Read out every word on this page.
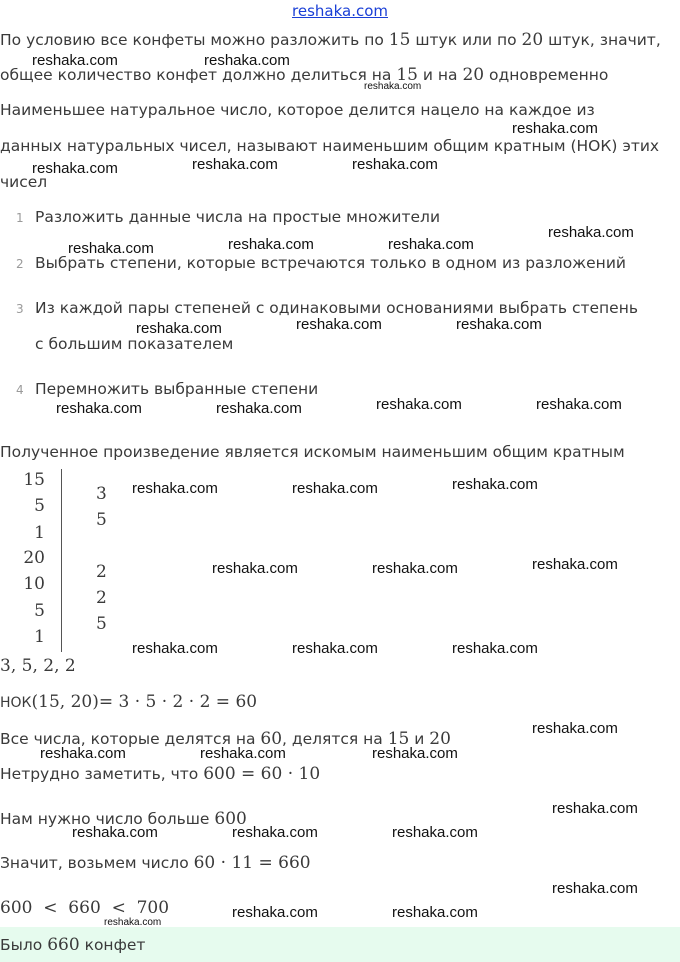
reshaka.com
По условию все конфеты можно разложить по 15 штук или по 20 штук, значит,
общее количество конфет должно делиться на 15 и на 20 одновременно
Наименьшее натуральное число, которое делится нацело на каждое из
данных натуральных чисел, называют наименьшим общим кратным (НОК) этих
чисел
1 Разложить данные числа на простые множители
2 Выбрать степени, которые встречаются только в одном из разложений
3 Из каждой пары степеней с одинаковыми основаниями выбрать степень
с большим показателем
4 Перемножить выбранные степени
Полученное произведение является искомым наименьшим общим кратным
15
5
1
3
5
20
10
5
1
2
2
5
3, 5, 2, 2
НОК(15, 20)= 3 · 5 · 2 · 2 = 60
Все числа, которые делятся на 60, делятся на 15 и 20
Нетрудно заметить, что 600 = 60 · 10
Нам нужно число больше 600
Значит, возьмем число 60 · 11 = 660
600  <  660  <  700
Было 660 конфет
reshaka.com	reshaka.com
reshaka.com
reshaka.com
reshaka.com	reshaka.com	reshaka.com
reshaka.com
reshaka.com	reshaka.com	reshaka.com
reshaka.com	reshaka.com	reshaka.com
reshaka.com	reshaka.com	reshaka.com	reshaka.com
reshaka.com	reshaka.com	reshaka.com
reshaka.com	reshaka.com	reshaka.com
reshaka.com	reshaka.com	reshaka.com
reshaka.com
reshaka.com	reshaka.com	reshaka.com
reshaka.com
reshaka.com	reshaka.com	reshaka.com
reshaka.com
reshaka.com	reshaka.com
reshaka.com
